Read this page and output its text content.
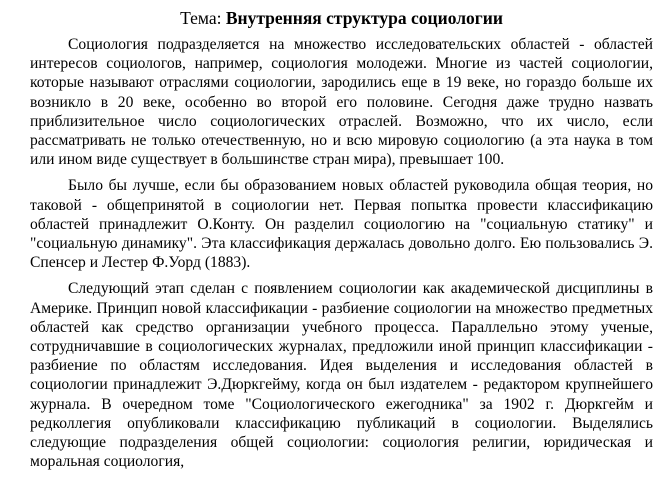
Тема: Внутренняя структура социологии

Социология подразделяется на множество исследовательских областей - областей интересов социологов, например, социология молодежи. Многие из частей социологии, которые называют отраслями социологии, зародились еще в 19 веке, но гораздо больше их возникло в 20 веке, особенно во второй его половине. Сегодня даже трудно назвать приблизительное число социологических отраслей. Возможно, что их число, если рассматривать не только отечественную, но и всю мировую социологию (а эта наука в том или ином виде существует в большинстве стран мира), превышает 100.

Было бы лучше, если бы образованием новых областей руководила общая теория, но таковой - общепринятой в социологии нет. Первая попытка провести классификацию областей принадлежит О.Конту. Он разделил социологию на "социальную статику" и "социальную динамику". Эта классификация держалась довольно долго. Ею пользовались Э. Спенсер и Лестер Ф.Уорд (1883).

Следующий этап сделан с появлением социологии как академической дисциплины в Америке. Принцип новой классификации - разбиение социологии на множество предметных областей как средство организации учебного процесса. Параллельно этому ученые, сотрудничавшие в социологических журналах, предложили иной принцип классификации - разбиение по областям исследования. Идея выделения и исследования областей в социологии принадлежит Э.Дюркгейму, когда он был издателем - редактором крупнейшего журнала. В очередном томе "Социологического ежегодника" за 1902 г. Дюркгейм и редколлегия опубликовали классификацию публикаций в социологии. Выделялись следующие подразделения общей социологии: социология религии, юридическая и моральная социология,
